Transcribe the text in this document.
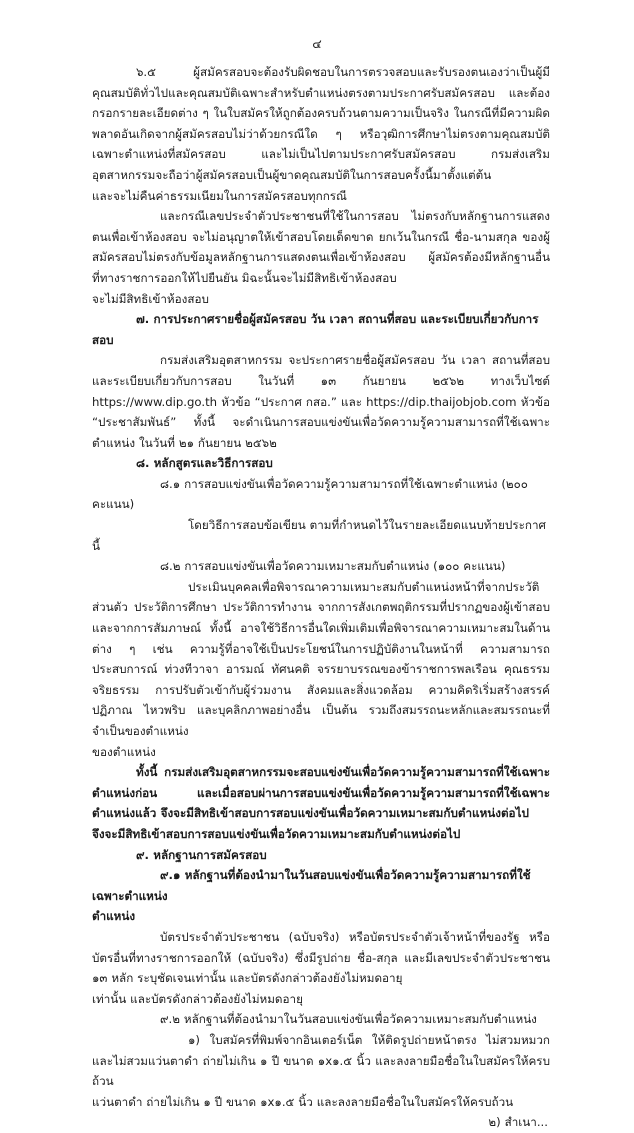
๔

๖.๕ ผู้สมัครสอบจะต้องรับผิดชอบในการตรวจสอบและรับรองตนเองว่าเป็นผู้มีคุณสมบัติทั่วไปและคุณสมบัติเฉพาะสำหรับตำแหน่งตรงตามประกาศรับสมัครสอบ และต้องกรอกรายละเอียดต่าง ๆ ในใบสมัครให้ถูกต้องครบถ้วนตามความเป็นจริง ในกรณีที่มีความผิดพลาดอันเกิดจากผู้สมัครสอบไม่ว่าด้วยกรณีใด ๆ หรือวุฒิการศึกษาไม่ตรงตามคุณสมบัติเฉพาะตำแหน่งที่สมัครสอบ และไม่เป็นไปตามประกาศรับสมัครสอบ กรมส่งเสริมอุตสาหกรรมจะถือว่าผู้สมัครสอบเป็นผู้ขาดคุณสมบัติในการสอบครั้งนี้มาตั้งแต่ต้น

และจะไม่คืนค่าธรรมเนียมในการสมัครสอบทุกกรณี

และกรณีเลขประจำตัวประชาชนที่ใช้ในการสอบ ไม่ตรงกับหลักฐานการแสดงตนเพื่อเข้าห้องสอบ จะไม่อนุญาตให้เข้าสอบโดยเด็ดขาด ยกเว้นในกรณี ชื่อ-นามสกุล ของผู้สมัครสอบไม่ตรงกับข้อมูลหลักฐานการแสดงตนเพื่อเข้าห้องสอบ ผู้สมัครต้องมีหลักฐานอื่นที่ทางราชการออกให้ไปยืนยัน มิฉะนั้นจะไม่มีสิทธิเข้าห้องสอบ

จะไม่มีสิทธิเข้าห้องสอบ

๗. การประกาศรายชื่อผู้สมัครสอบ วัน เวลา สถานที่สอบ และระเบียบเกี่ยวกับการสอบ

กรมส่งเสริมอุตสาหกรรม จะประกาศรายชื่อผู้สมัครสอบ วัน เวลา สถานที่สอบ และระเบียบเกี่ยวกับการสอบ ในวันที่ ๑๓ กันยายน ๒๕๖๒ ทางเว็บไซต์ https://www.dip.go.th หัวข้อ “ประกาศ กสอ.” และ https://dip.thaijobjob.com หัวข้อ “ประชาสัมพันธ์” ทั้งนี้ จะดำเนินการสอบแข่งขันเพื่อวัดความรู้ความสามารถที่ใช้เฉพาะตำแหน่ง ในวันที่ ๒๑ กันยายน ๒๕๖๒

๘. หลักสูตรและวิธีการสอบ

๘.๑ การสอบแข่งขันเพื่อวัดความรู้ความสามารถที่ใช้เฉพาะตำแหน่ง (๒๐๐ คะแนน)

โดยวิธีการสอบข้อเขียน ตามที่กำหนดไว้ในรายละเอียดแนบท้ายประกาศนี้

๘.๒ การสอบแข่งขันเพื่อวัดความเหมาะสมกับตำแหน่ง (๑๐๐ คะแนน)

ประเมินบุคคลเพื่อพิจารณาความเหมาะสมกับตำแหน่งหน้าที่จากประวัติส่วนตัว ประวัติการศึกษา ประวัติการทำงาน จากการสังเกตพฤติกรรมที่ปรากฏของผู้เข้าสอบและจากการสัมภาษณ์ ทั้งนี้ อาจใช้วิธีการอื่นใดเพิ่มเติมเพื่อพิจารณาความเหมาะสมในด้านต่าง ๆ เช่น ความรู้ที่อาจใช้เป็นประโยชน์ในการปฏิบัติงานในหน้าที่ ความสามารถ ประสบการณ์ ท่วงทีวาจา อารมณ์ ทัศนคติ จรรยาบรรณของข้าราชการพลเรือน คุณธรรม จริยธรรม การปรับตัวเข้ากับผู้ร่วมงาน สังคมและสิ่งแวดล้อม ความคิดริเริ่มสร้างสรรค์ ปฏิภาณ ไหวพริบ และบุคลิกภาพอย่างอื่น เป็นต้น รวมถึงสมรรถนะหลักและสมรรถนะที่จำเป็นของตำแหน่ง

ของตำแหน่ง

ทั้งนี้ กรมส่งเสริมอุตสาหกรรมจะสอบแข่งขันเพื่อวัดความรู้ความสามารถที่ใช้เฉพาะตำแหน่งก่อน และเมื่อสอบผ่านการสอบแข่งขันเพื่อวัดความรู้ความสามารถที่ใช้เฉพาะตำแหน่งแล้ว จึงจะมีสิทธิเข้าสอบการสอบแข่งขันเพื่อวัดความเหมาะสมกับตำแหน่งต่อไป

จึงจะมีสิทธิเข้าสอบการสอบแข่งขันเพื่อวัดความเหมาะสมกับตำแหน่งต่อไป

๙. หลักฐานการสมัครสอบ

๙.๑ หลักฐานที่ต้องนำมาในวันสอบแข่งขันเพื่อวัดความรู้ความสามารถที่ใช้เฉพาะตำแหน่ง

ตำแหน่ง

บัตรประจำตัวประชาชน (ฉบับจริง) หรือบัตรประจำตัวเจ้าหน้าที่ของรัฐ หรือบัตรอื่นที่ทางราชการออกให้ (ฉบับจริง) ซึ่งมีรูปถ่าย ชื่อ-สกุล และมีเลขประจำตัวประชาชน ๑๓ หลัก ระบุชัดเจนเท่านั้น และบัตรดังกล่าวต้องยังไม่หมดอายุ

เท่านั้น และบัตรดังกล่าวต้องยังไม่หมดอายุ

๙.๒ หลักฐานที่ต้องนำมาในวันสอบแข่งขันเพื่อวัดความเหมาะสมกับตำแหน่ง

๑) ใบสมัครที่พิมพ์จากอินเตอร์เน็ต ให้ติดรูปถ่ายหน้าตรง ไม่สวมหมวก และไม่สวมแว่นตาดำ ถ่ายไม่เกิน ๑ ปี ขนาด ๑x๑.๕ นิ้ว และลงลายมือชื่อในใบสมัครให้ครบถ้วน

แว่นตาดำ ถ่ายไม่เกิน ๑ ปี ขนาด ๑x๑.๕ นิ้ว และลงลายมือชื่อในใบสมัครให้ครบถ้วน

๒) สำเนา...
